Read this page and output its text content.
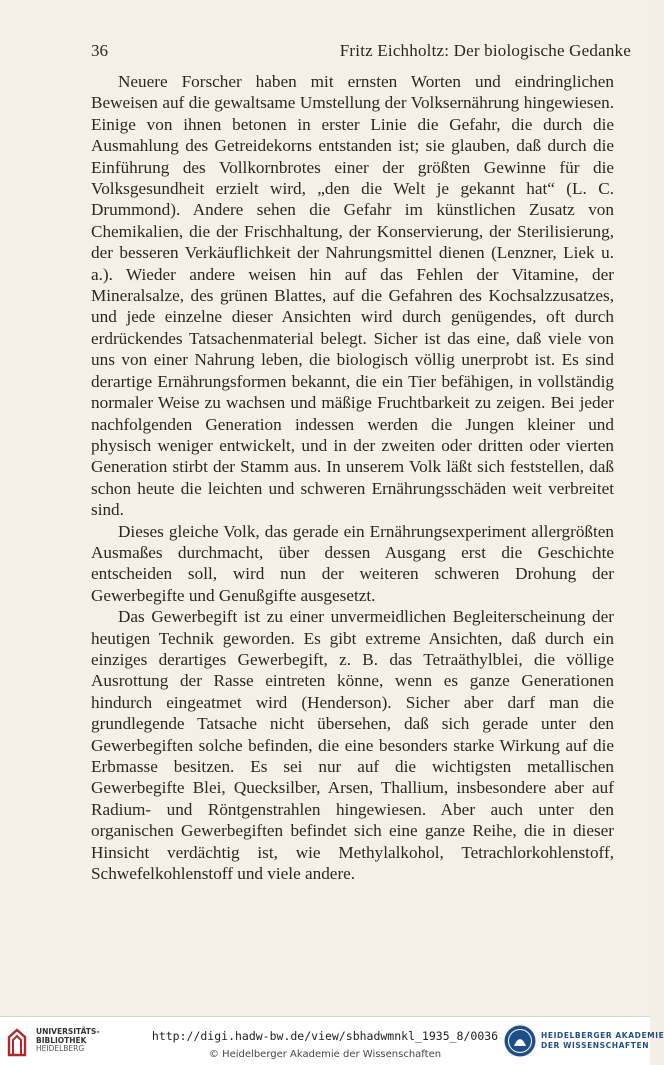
36	Fritz Eichholtz: Der biologische Gedanke

Neuere Forscher haben mit ernsten Worten und eindringlichen Beweisen auf die gewaltsame Umstellung der Volksernährung hingewiesen. Einige von ihnen betonen in erster Linie die Gefahr, die durch die Ausmahlung des Getreidekorns entstanden ist; sie glauben, daß durch die Einführung des Vollkornbrotes einer der größten Gewinne für die Volksgesundheit erzielt wird, „den die Welt je gekannt hat“ (L. C. Drummond). Andere sehen die Gefahr im künstlichen Zusatz von Chemikalien, die der Frischhaltung, der Konservierung, der Sterilisierung, der besseren Verkäuflichkeit der Nahrungsmittel dienen (Lenzner, Liek u. a.). Wieder andere weisen hin auf das Fehlen der Vitamine, der Mineralsalze, des grünen Blattes, auf die Gefahren des Kochsalzzusatzes, und jede einzelne dieser Ansichten wird durch genügendes, oft durch erdrückendes Tatsachenmaterial belegt. Sicher ist das eine, daß viele von uns von einer Nahrung leben, die biologisch völlig unerprobt ist. Es sind derartige Ernährungsformen bekannt, die ein Tier befähigen, in vollständig normaler Weise zu wachsen und mäßige Fruchtbarkeit zu zeigen. Bei jeder nachfolgenden Generation indessen werden die Jungen kleiner und physisch weniger entwickelt, und in der zweiten oder dritten oder vierten Generation stirbt der Stamm aus. In unserem Volk läßt sich feststellen, daß schon heute die leichten und schweren Ernährungsschäden weit verbreitet sind.

Dieses gleiche Volk, das gerade ein Ernährungsexperiment allergrößten Ausmaßes durchmacht, über dessen Ausgang erst die Geschichte entscheiden soll, wird nun der weiteren schweren Drohung der Gewerbegifte und Genußgifte ausgesetzt.

Das Gewerbegift ist zu einer unvermeidlichen Begleiterscheinung der heutigen Technik geworden. Es gibt extreme Ansichten, daß durch ein einziges derartiges Gewerbegift, z. B. das Tetraäthylblei, die völlige Ausrottung der Rasse eintreten könne, wenn es ganze Generationen hindurch eingeatmet wird (Henderson). Sicher aber darf man die grundlegende Tatsache nicht übersehen, daß sich gerade unter den Gewerbegiften solche befinden, die eine besonders starke Wirkung auf die Erbmasse besitzen. Es sei nur auf die wichtigsten metallischen Gewerbegifte Blei, Quecksilber, Arsen, Thallium, insbesondere aber auf Radium- und Röntgenstrahlen hingewiesen. Aber auch unter den organischen Gewerbegiften befindet sich eine ganze Reihe, die in dieser Hinsicht verdächtig ist, wie Methylalkohol, Tetrachlorkohlenstoff, Schwefelkohlenstoff und viele andere.

UNIVERSITÄTS-
BIBLIOTHEK
HEIDELBERG
http://digi.hadw-bw.de/view/sbhadwmnkl_1935_8/0036
© Heidelberger Akademie der Wissenschaften
HEIDELBERGER AKADEMIE
DER WISSENSCHAFTEN
